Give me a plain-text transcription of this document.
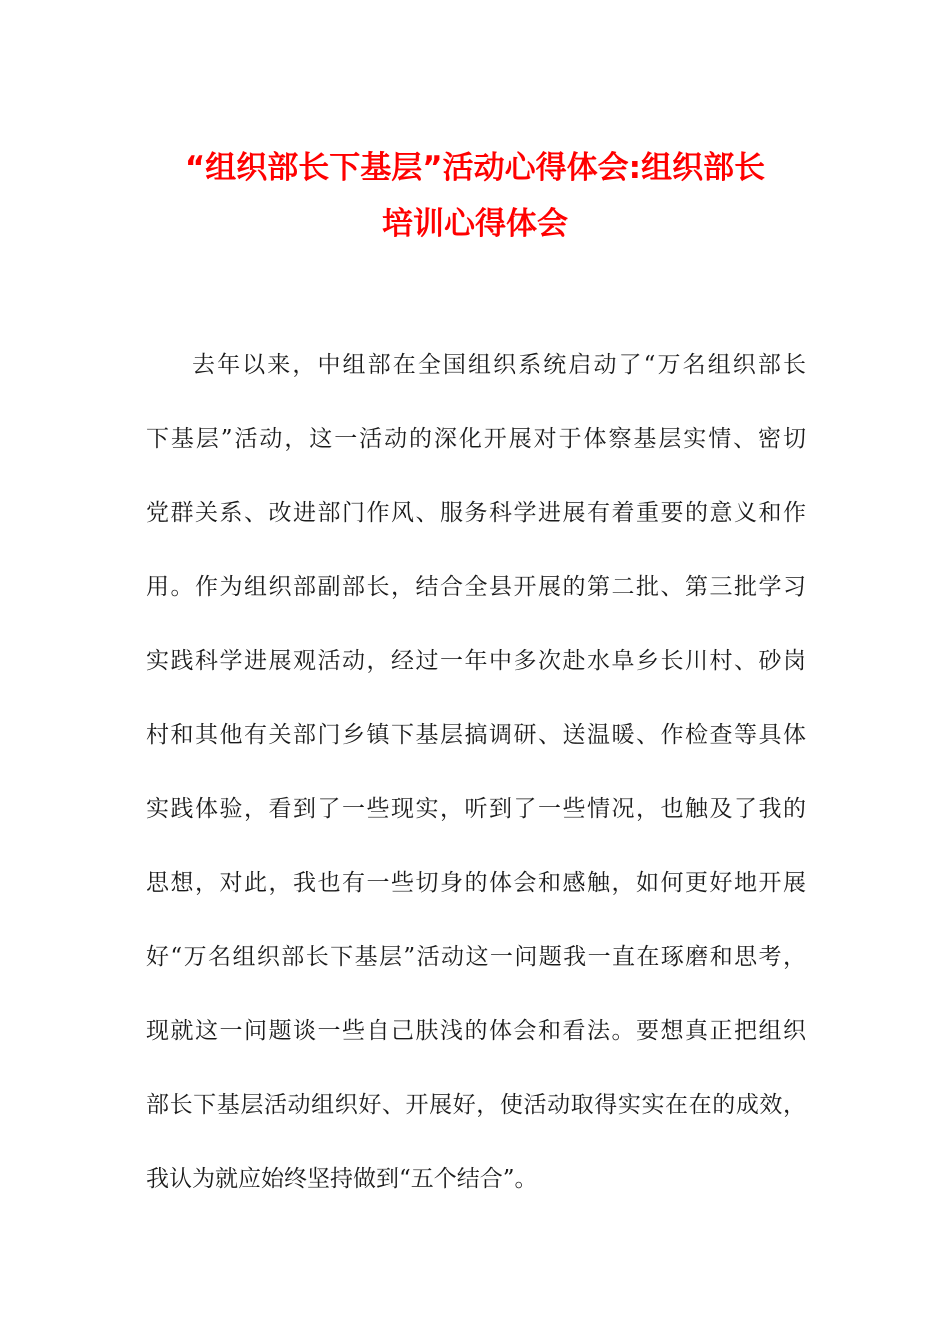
“组织部长下基层”活动心得体会:组织部长
培训心得体会
去年以来，中组部在全国组织系统启动了“万名组织部长
下基层”活动，这一活动的深化开展对于体察基层实情、密切
党群关系、改进部门作风、服务科学进展有着重要的意义和作
用。作为组织部副部长，结合全县开展的第二批、第三批学习
实践科学进展观活动，经过一年中多次赴水阜乡长川村、砂岗
村和其他有关部门乡镇下基层搞调研、送温暖、作检查等具体
实践体验，看到了一些现实，听到了一些情况，也触及了我的
思想，对此，我也有一些切身的体会和感触，如何更好地开展
好“万名组织部长下基层”活动这一问题我一直在琢磨和思考，
现就这一问题谈一些自己肤浅的体会和看法。要想真正把组织
部长下基层活动组织好、开展好，使活动取得实实在在的成效，
我认为就应始终坚持做到“五个结合”。
